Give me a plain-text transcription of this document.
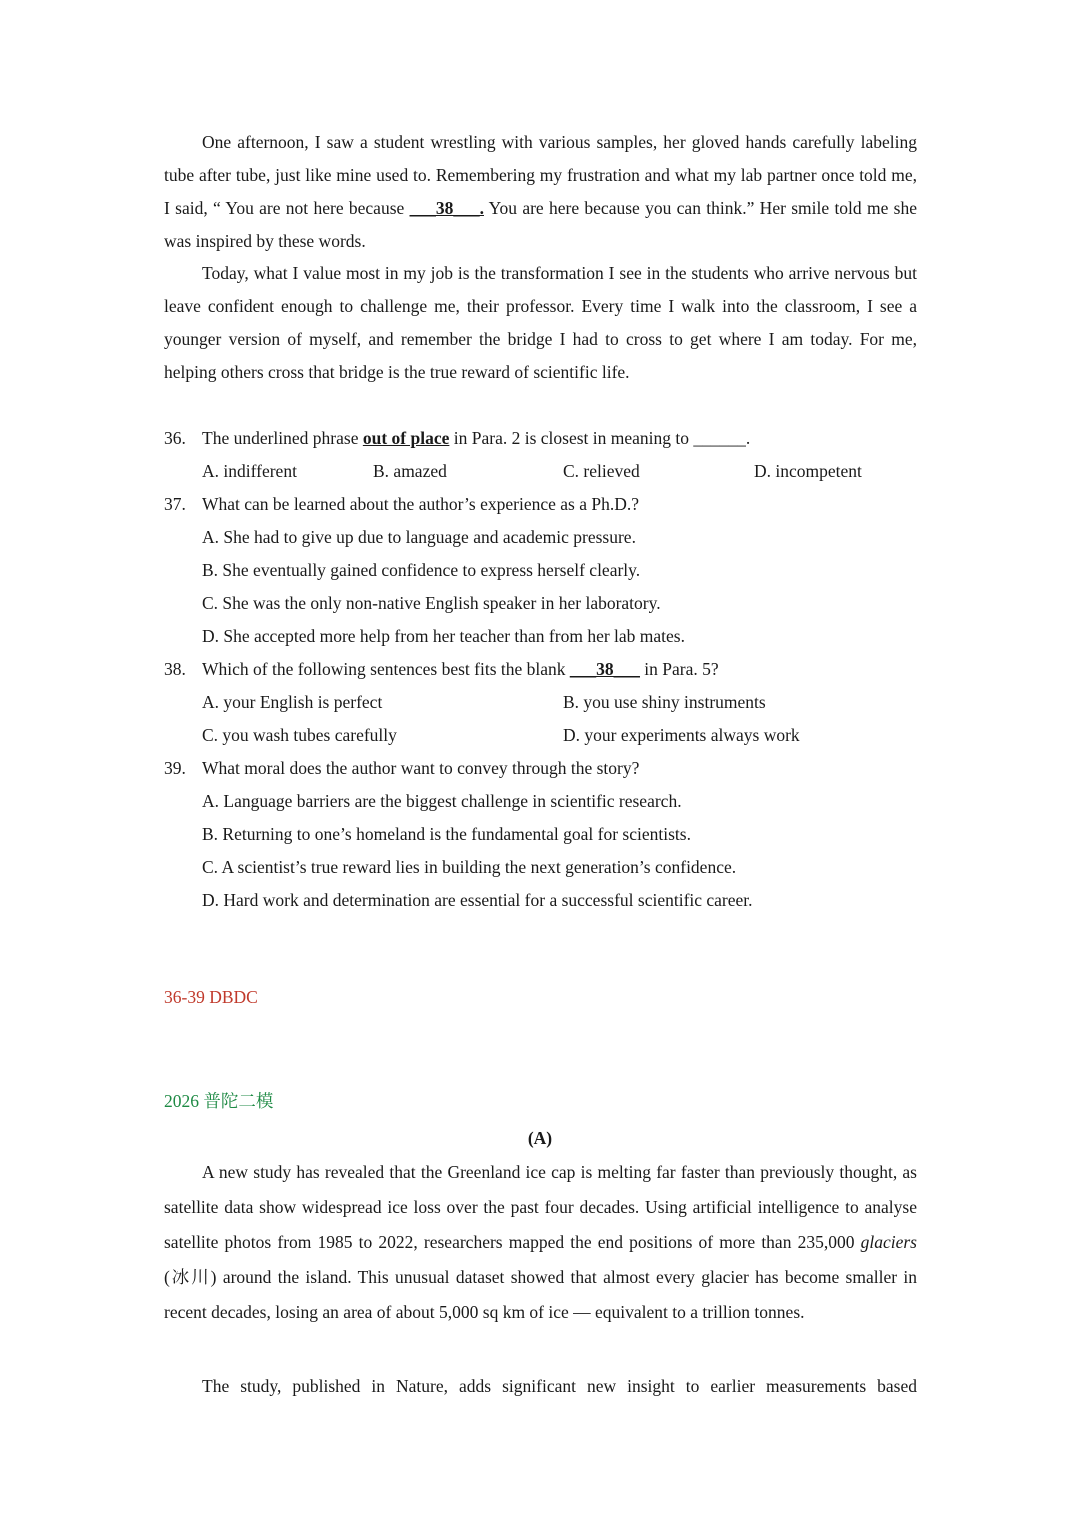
One afternoon, I saw a student wrestling with various samples, her gloved hands carefully labeling tube after tube, just like mine used to. Remembering my frustration and what my lab partner once told me, I said, “ You are not here because ___38___. You are here because you can think.” Her smile told me she was inspired by these words.

Today, what I value most in my job is the transformation I see in the students who arrive nervous but leave confident enough to challenge me, their professor. Every time I walk into the classroom, I see a younger version of myself, and remember the bridge I had to cross to get where I am today. For me, helping others cross that bridge is the true reward of scientific life.

36. The underlined phrase out of place in Para. 2 is closest in meaning to ______.

A. indifferent	B. amazed	C. relieved	D. incompetent

37. What can be learned about the author’s experience as a Ph.D.?

A. She had to give up due to language and academic pressure.

B. She eventually gained confidence to express herself clearly.

C. She was the only non-native English speaker in her laboratory.

D. She accepted more help from her teacher than from her lab mates.

38. Which of the following sentences best fits the blank ___38___ in Para. 5?

A. your English is perfect	B. you use shiny instruments

C. you wash tubes carefully	D. your experiments always work

39. What moral does the author want to convey through the story?

A. Language barriers are the biggest challenge in scientific research.

B. Returning to one’s homeland is the fundamental goal for scientists.

C. A scientist’s true reward lies in building the next generation’s confidence.

D. Hard work and determination are essential for a successful scientific career.

36-39 DBDC
2026 普陀二模
(A)

A new study has revealed that the Greenland ice cap is melting far faster than previously thought, as satellite data show widespread ice loss over the past four decades. Using artificial intelligence to analyse satellite photos from 1985 to 2022, researchers mapped the end positions of more than 235,000 glaciers (冰川) around the island. This unusual dataset showed that almost every glacier has become smaller in recent decades, losing an area of about 5,000 sq km of ice — equivalent to a trillion tonnes.

The study, published in Nature, adds significant new insight to earlier measurements based
